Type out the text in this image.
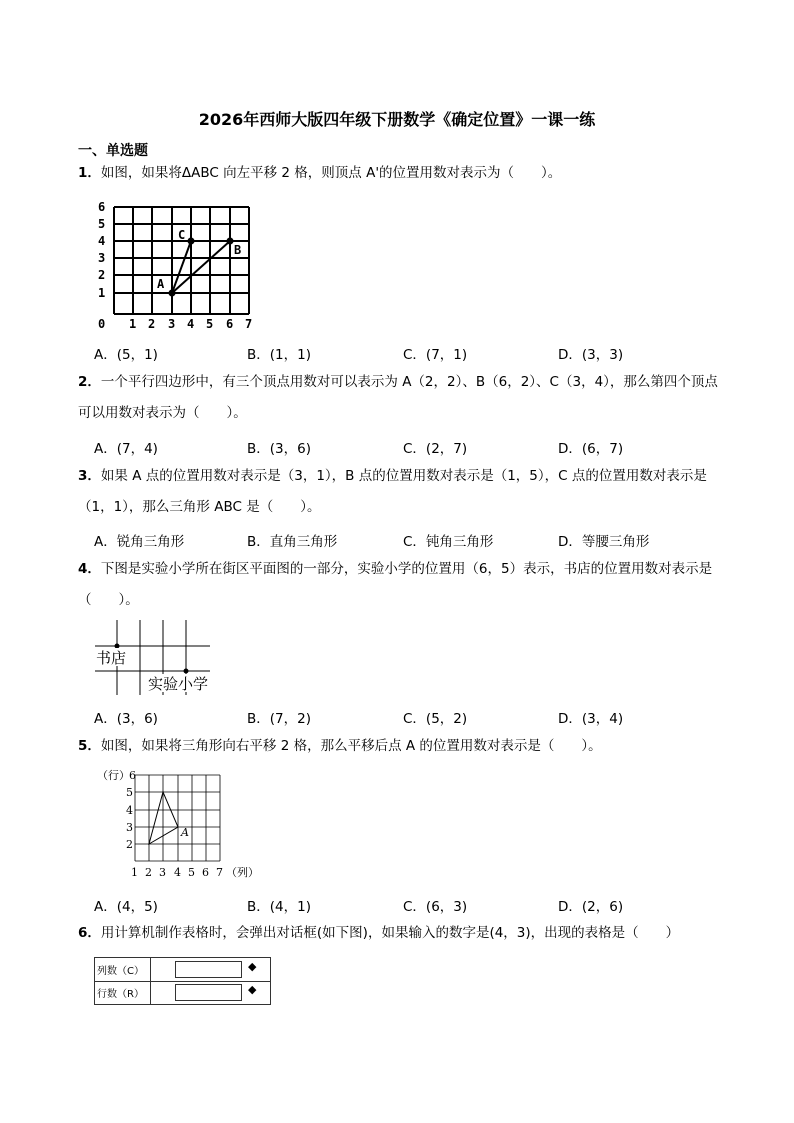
2026年西师大版四年级下册数学《确定位置》一课一练
一、单选题
1．如图，如果将ΔABC 向左平移 2 格，则顶点 A'的位置用数对表示为（　　）。
A
C
B
6
5
4
3
2
1
0 1 2 3 4 5 6 7
A．(5，1)	B．(1，1)	C．(7，1)	D．(3，3)
2．一个平行四边形中，有三个顶点用数对可以表示为 A（2，2）、B（6，2）、C（3，4），那么第四个顶点可以用数对表示为（　　）。
A．(7，4)	B．(3，6)	C．(2，7)	D．(6，7)
3．如果 A 点的位置用数对表示是（3，1），B 点的位置用数对表示是（1，5），C 点的位置用数对表示是（1，1），那么三角形 ABC 是（　　）。
A．锐角三角形	B．直角三角形	C．钝角三角形	D．等腰三角形
4．下图是实验小学所在街区平面图的一部分，实验小学的位置用（6，5）表示，书店的位置用数对表示是（　　）。
书店
实验小学
A．(3，6)	B．(7，2)	C．(5，2)	D．(3，4)
5．如图，如果将三角形向右平移 2 格，那么平移后点 A 的位置用数对表示是（　　）。
（行） 6
5
4
3
2
1 2 3 4 5 6 7 （列）
A
A．(4，5)	B．(4，1)	C．(6，3)	D．(2，6)
6．用计算机制作表格时，会弹出对话框(如下图)，如果输入的数字是(4，3)，出现的表格是（　　）
列数（C）	◆
行数（R）	◆
